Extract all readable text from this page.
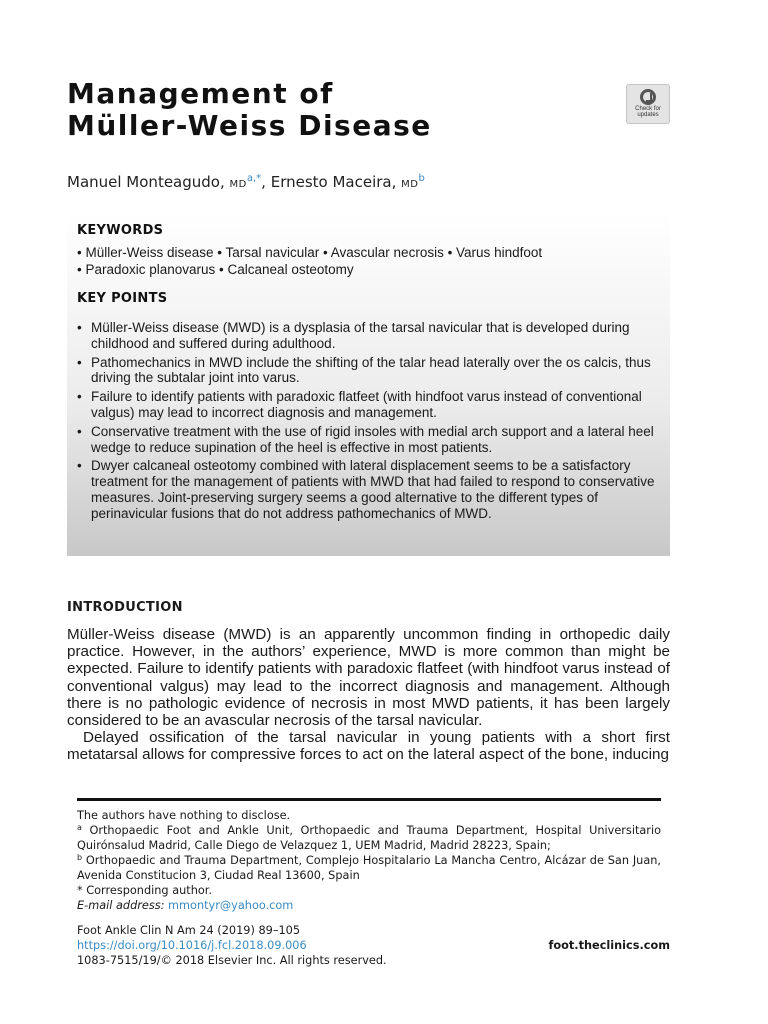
Management of
Müller-Weiss Disease	Check for
updates
Manuel Monteagudo, $MD^{a,*}$, Ernesto Maceira, $MD^b$
KEYWORDS
• Müller-Weiss disease • Tarsal navicular • Avascular necrosis • Varus hindfoot
• Paradoxic planovarus • Calcaneal osteotomy
KEY POINTS
• Müller-Weiss disease (MWD) is a dysplasia of the tarsal navicular that is developed during childhood and suffered during adulthood.
• Pathomechanics in MWD include the shifting of the talar head laterally over the os calcis, thus driving the subtalar joint into varus.
• Failure to identify patients with paradoxic flatfeet (with hindfoot varus instead of conventional valgus) may lead to incorrect diagnosis and management.
• Conservative treatment with the use of rigid insoles with medial arch support and a lateral heel wedge to reduce supination of the heel is effective in most patients.
• Dwyer calcaneal osteotomy combined with lateral displacement seems to be a satisfactory treatment for the management of patients with MWD that had failed to respond to conservative measures. Joint-preserving surgery seems a good alternative to the different types of perinavicular fusions that do not address pathomechanics of MWD.
INTRODUCTION

Müller-Weiss disease (MWD) is an apparently uncommon finding in orthopedic daily practice. However, in the authors’ experience, MWD is more common than might be expected. Failure to identify patients with paradoxic flatfeet (with hindfoot varus instead of conventional valgus) may lead to the incorrect diagnosis and management. Although there is no pathologic evidence of necrosis in most MWD patients, it has been largely considered to be an avascular necrosis of the tarsal navicular.

Delayed ossification of the tarsal navicular in young patients with a short first metatarsal allows for compressive forces to act on the lateral aspect of the bone, inducing

The authors have nothing to disclose.

$^a$ Orthopaedic Foot and Ankle Unit, Orthopaedic and Trauma Department, Hospital Universitario Quirónsalud Madrid, Calle Diego de Velazquez 1, UEM Madrid, Madrid 28223, Spain;

$^b$ Orthopaedic and Trauma Department, Complejo Hospitalario La Mancha Centro, Alcázar de San Juan, Avenida Constitucion 3, Ciudad Real 13600, Spain

* Corresponding author.

E-mail address: mmontyr@yahoo.com

Foot Ankle Clin N Am 24 (2019) 89–105
https://doi.org/10.1016/j.fcl.2018.09.006
1083-7515/19/© 2018 Elsevier Inc. All rights reserved.
foot.theclinics.com
